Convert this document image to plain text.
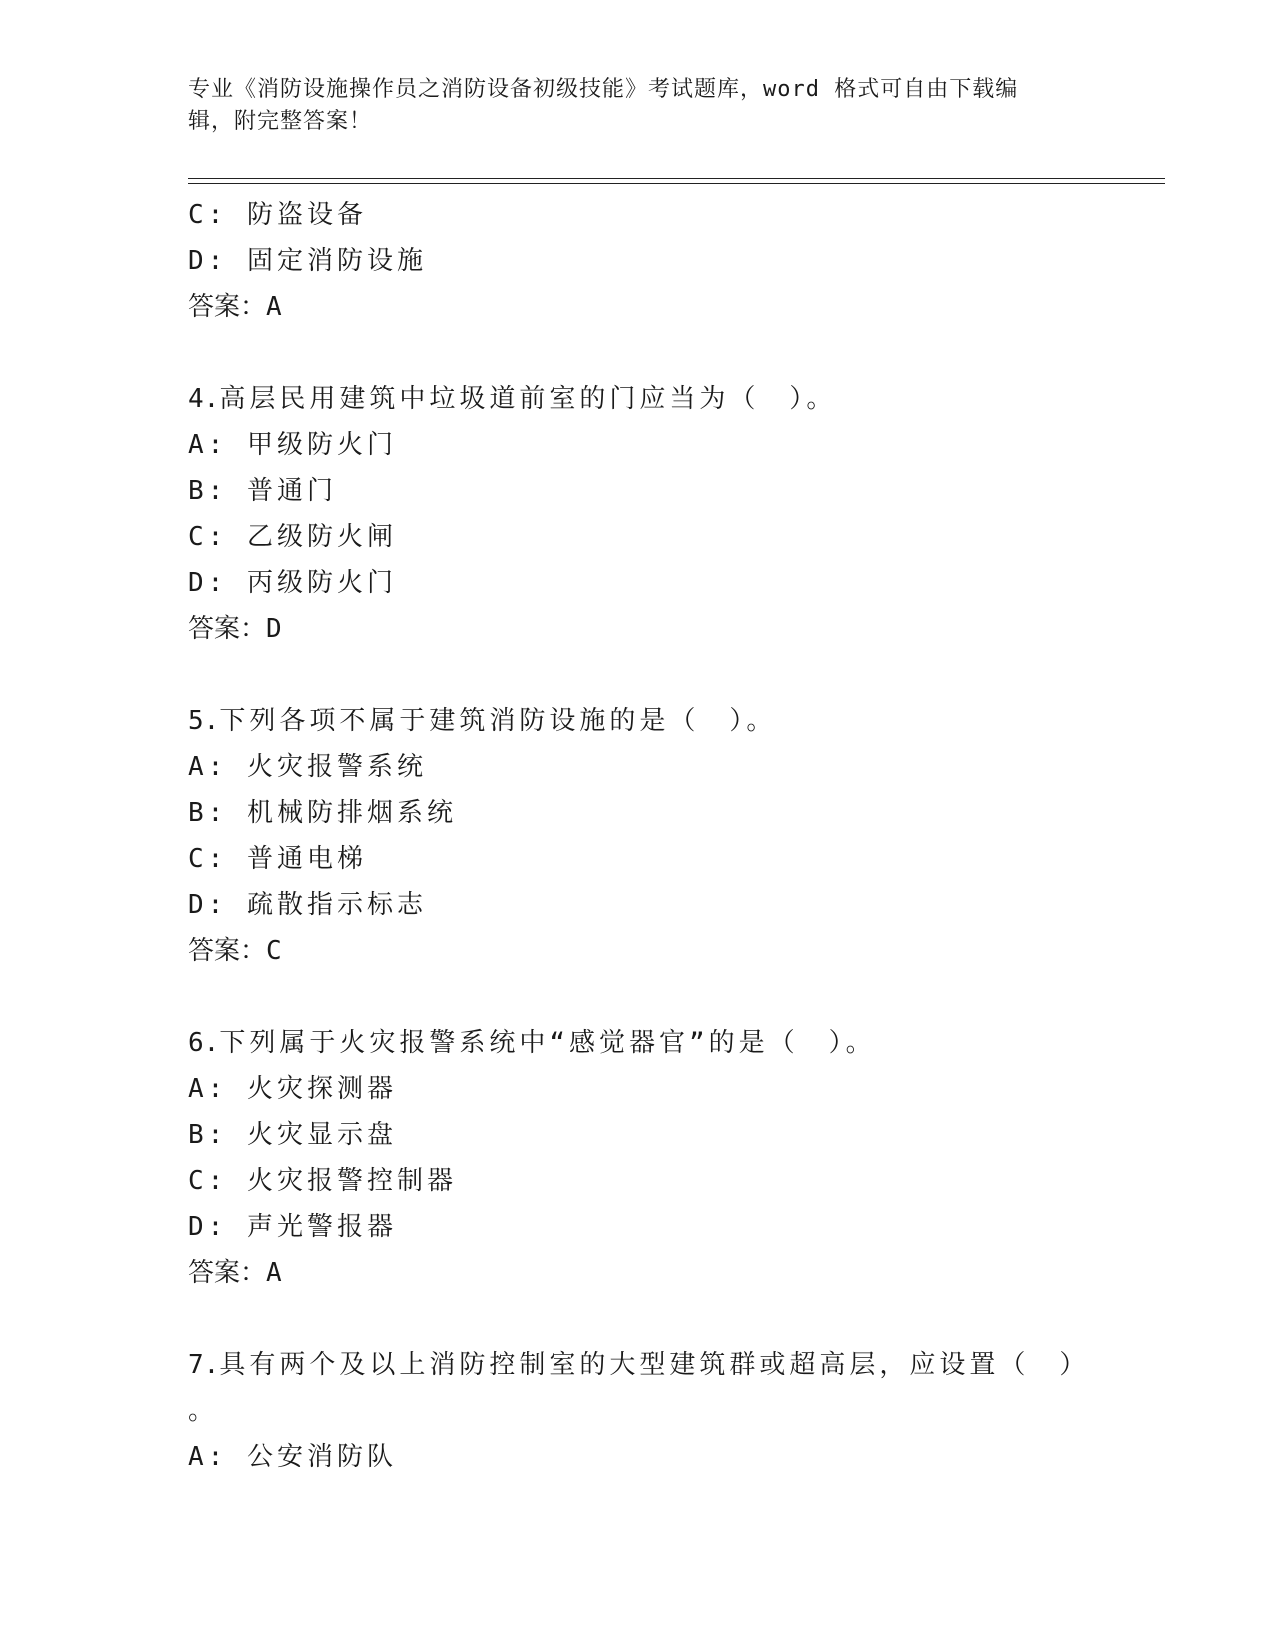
专业《消防设施操作员之消防设备初级技能》考试题库，word 格式可自由下载编
辑，附完整答案！
C: 防盗设备
D: 固定消防设施
答案：A
4.高层民用建筑中垃圾道前室的门应当为（　）。
A: 甲级防火门
B: 普通门
C: 乙级防火闸
D: 丙级防火门
答案：D
5.下列各项不属于建筑消防设施的是（　）。
A: 火灾报警系统
B: 机械防排烟系统
C: 普通电梯
D: 疏散指示标志
答案：C
6.下列属于火灾报警系统中“感觉器官”的是（　）。
A: 火灾探测器
B: 火灾显示盘
C: 火灾报警控制器
D: 声光警报器
答案：A
7.具有两个及以上消防控制室的大型建筑群或超高层，应设置（　）
。
A: 公安消防队
